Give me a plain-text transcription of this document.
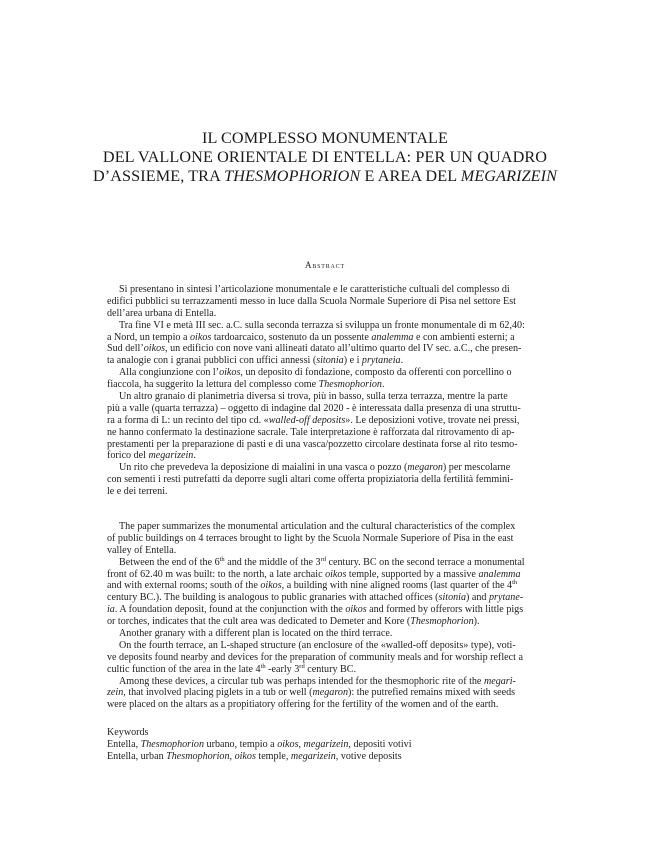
IL COMPLESSO MONUMENTALE
DEL VALLONE ORIENTALE DI ENTELLA: PER UN QUADRO
D’ASSIEME, TRA THESMOPHORION E AREA DEL MEGARIZEIN
Abstract
Si presentano in sintesi l’articolazione monumentale e le caratteristiche cultuali del complesso di
edifici pubblici su terrazzamenti messo in luce dalla Scuola Normale Superiore di Pisa nel settore Est
dell’area urbana di Entella.
Tra fine VI e metà III sec. a.C. sulla seconda terrazza si sviluppa un fronte monumentale di m 62,40:
a Nord, un tempio a oikos tardoarcaico, sostenuto da un possente analemma e con ambienti esterni; a
Sud dell’oikos, un edificio con nove vani allineati datato all’ultimo quarto del IV sec. a.C., che presen-
ta analogie con i granai pubblici con uffici annessi (sitonia) e i prytaneia.
Alla congiunzione con l’oikos, un deposito di fondazione, composto da offerenti con porcellino o
fiaccola, ha suggerito la lettura del complesso come Thesmophorion.
Un altro granaio di planimetria diversa si trova, più in basso, sulla terza terrazza, mentre la parte
più a valle (quarta terrazza) – oggetto di indagine dal 2020 - è interessata dalla presenza di una struttu-
ra a forma di L: un recinto del tipo cd. «walled-off deposits». Le deposizioni votive, trovate nei pressi,
ne hanno confermato la destinazione sacrale. Tale interpretazione è rafforzata dal ritrovamento di ap-
prestamenti per la preparazione di pasti e di una vasca/pozzetto circolare destinata forse al rito tesmo-
forico del megarizein.
Un rito che prevedeva la deposizione di maialini in una vasca o pozzo (megaron) per mescolarne
con sementi i resti putrefatti da deporre sugli altari come offerta propiziatoria della fertilità femmini-
le e dei terreni.
The paper summarizes the monumental articulation and the cultural characteristics of the complex
of public buildings on 4 terraces brought to light by the Scuola Normale Superiore of Pisa in the east
valley of Entella.
Between the end of the 6th and the middle of the 3rd century. BC on the second terrace a monumental
front of 62.40 m was built: to the north, a late archaic oikos temple, supported by a massive analemma
and with external rooms; south of the oikos, a building with nine aligned rooms (last quarter of the 4th
century BC.). The building is analogous to public granaries with attached offices (sitonia) and prytane-
ia. A foundation deposit, found at the conjunction with the oikos and formed by offerors with little pigs
or torches, indicates that the cult area was dedicated to Demeter and Kore (Thesmophorion).
Another granary with a different plan is located on the third terrace.
On the fourth terrace, an L-shaped structure (an enclosure of the «walled-off deposits» type), voti-
ve deposits found nearby and devices for the preparation of community meals and for worship reflect a
cultic function of the area in the late 4th -early 3rd century BC.
Among these devices, a circular tub was perhaps intended for the thesmophoric rite of the megari-
zein, that involved placing piglets in a tub or well (megaron): the putrefied remains mixed with seeds
were placed on the altars as a propitiatory offering for the fertility of the women and of the earth.
Keywords
Entella, Thesmophorion urbano, tempio a oikos, megarizein, depositi votivi
Entella, urban Thesmophorion, oikos temple, megarizein, votive deposits
